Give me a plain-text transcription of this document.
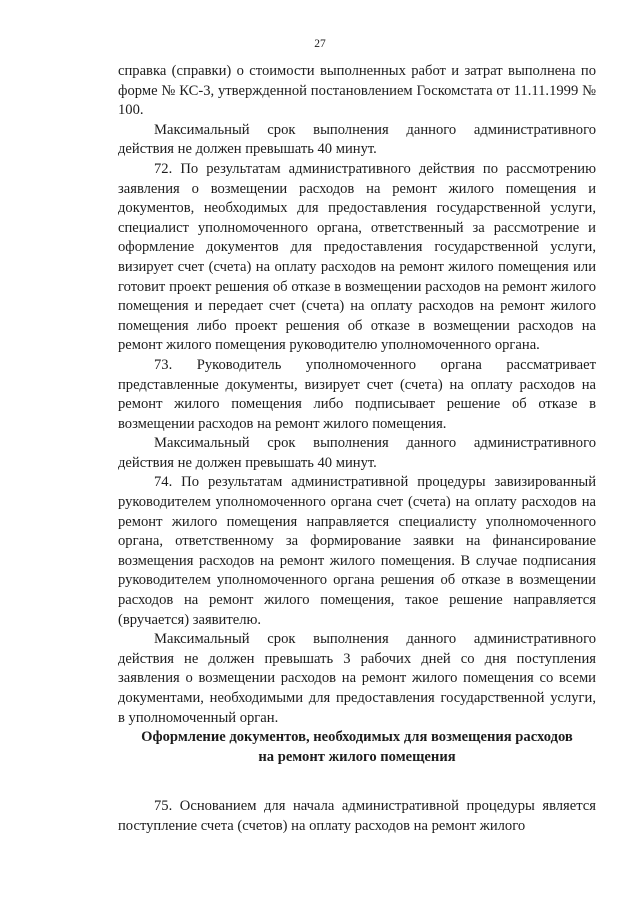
27

справка (справки) о стоимости выполненных работ и затрат выполнена по форме № КС-3, утвержденной постановлением Госкомстата от 11.11.1999 № 100.

Максимальный срок выполнения данного административного действия не должен превышать 40 минут.

72. По результатам административного действия по рассмотрению заявления о возмещении расходов на ремонт жилого помещения и документов, необходимых для предоставления государственной услуги, специалист уполномоченного органа, ответственный за рассмотрение и оформление документов для предоставления государственной услуги, визирует счет (счета) на оплату расходов на ремонт жилого помещения или готовит проект решения об отказе в возмещении расходов на ремонт жилого помещения и передает счет (счета) на оплату расходов на ремонт жилого помещения либо проект решения об отказе в возмещении расходов на ремонт жилого помещения руководителю уполномоченного органа.

73. Руководитель уполномоченного органа рассматривает представленные документы, визирует счет (счета) на оплату расходов на ремонт жилого помещения либо подписывает решение об отказе в возмещении расходов на ремонт жилого помещения.

Максимальный срок выполнения данного административного действия не должен превышать 40 минут.

74. По результатам административной процедуры завизированный руководителем уполномоченного органа счет (счета) на оплату расходов на ремонт жилого помещения направляется специалисту уполномоченного органа, ответственному за формирование заявки на финансирование возмещения расходов на ремонт жилого помещения. В случае подписания руководителем уполномоченного органа решения об отказе в возмещении расходов на ремонт жилого помещения, такое решение направляется (вручается) заявителю.

Максимальный срок выполнения данного административного действия не должен превышать 3 рабочих дней со дня поступления заявления о возмещении расходов на ремонт жилого помещения со всеми документами, необходимыми для предоставления государственной услуги, в уполномоченный орган.

Оформление документов, необходимых для возмещения расходов
на ремонт жилого помещения

75. Основанием для начала административной процедуры является поступление счета (счетов) на оплату расходов на ремонт жилого
